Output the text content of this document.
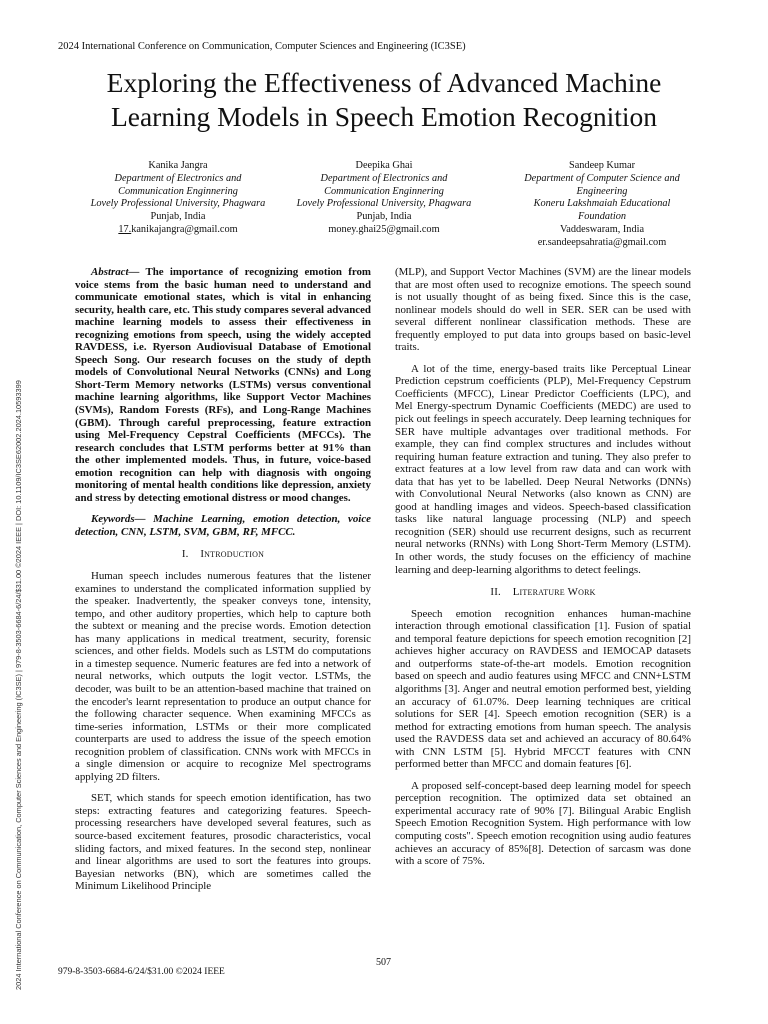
2024 International Conference on Communication, Computer Sciences and Engineering (IC3SE)
Exploring the Effectiveness of Advanced Machine
Learning Models in Speech Emotion Recognition
Kanika Jangra
Department of Electronics and
Communication Enginnering
Lovely Professional University, Phagwara
Punjab, India
17.kanikajangra@gmail.com
Deepika Ghai
Department of Electronics and
Communication Enginnering
Lovely Professional University, Phagwara
Punjab, India
money.ghai25@gmail.com
Sandeep Kumar
Department of Computer Science and
Engineering
Koneru Lakshmaiah Educational
Foundation
Vaddeswaram, India
er.sandeepsahratia@gmail.com
2024 International Conference on Communication, Computer Sciences and Engineering (IC3SE) | 979-8-3503-6684-6/24/$31.00 ©2024 IEEE | DOI: 10.1109/IC3SE62002.2024.10593399

Abstract— The importance of recognizing emotion from voice stems from the basic human need to understand and communicate emotional states, which is vital in enhancing security, health care, etc. This study compares several advanced machine learning models to assess their effectiveness in recognizing emotions from speech, using the widely accepted RAVDESS, i.e. Ryerson Audiovisual Database of Emotional Speech Song. Our research focuses on the study of depth models of Convolutional Neural Networks (CNNs) and Long Short-Term Memory networks (LSTMs) versus conventional machine learning algorithms, like Support Vector Machines (SVMs), Random Forests (RFs), and Long-Range Machines (GBM). Through careful preprocessing, feature extraction using Mel-Frequency Cepstral Coefficients (MFCCs). The research concludes that LSTM performs better at 91% than the other implemented models. Thus, in future, voice-based emotion recognition can help with diagnosis with ongoing monitoring of mental health conditions like depression, anxiety and stress by detecting emotional distress or mood changes.

Keywords— Machine Learning, emotion detection, voice detection, CNN, LSTM, SVM, GBM, RF, MFCC.

I. Introduction

Human speech includes numerous features that the listener examines to understand the complicated information supplied by the speaker. Inadvertently, the speaker conveys tone, intensity, tempo, and other auditory properties, which help to capture both the subtext or meaning and the precise words. Emotion detection has many applications in medical treatment, security, forensic sciences, and other fields. Models such as LSTM do computations in a timestep sequence. Numeric features are fed into a network of neural networks, which outputs the logit vector. LSTMs, the decoder, was built to be an attention-based machine that trained on the encoder's learnt representation to produce an output chance for the following character sequence. When examining MFCCs as time-series information, LSTMs or their more complicated counterparts are used to address the issue of the speech emotion recognition problem of classification. CNNs work with MFCCs in a single dimension or acquire to recognize Mel spectrograms applying 2D filters.

SET, which stands for speech emotion identification, has two steps: extracting features and categorizing features. Speech-processing researchers have developed several features, such as source-based excitement features, prosodic characteristics, vocal sliding factors, and mixed features. In the second step, nonlinear and linear algorithms are used to sort the features into groups. Bayesian networks (BN), which are sometimes called the Minimum Likelihood Principle

(MLP), and Support Vector Machines (SVM) are the linear models that are most often used to recognize emotions. The speech sound is not usually thought of as being fixed. Since this is the case, nonlinear models should do well in SER. SER can be used with several different nonlinear classification methods. These are frequently employed to put data into groups based on basic-level traits.

A lot of the time, energy-based traits like Perceptual Linear Prediction cepstrum coefficients (PLP), Mel-Frequency Cepstrum Coefficients (MFCC), Linear Predictor Coefficients (LPC), and Mel Energy-spectrum Dynamic Coefficients (MEDC) are used to pick out feelings in speech accurately. Deep learning techniques for SER have multiple advantages over traditional methods. For example, they can find complex structures and includes without requiring human feature extraction and tuning. They also prefer to extract features at a low level from raw data and can work with data that has yet to be labelled. Deep Neural Networks (DNNs) with Convolutional Neural Networks (also known as CNN) are good at handling images and videos. Speech-based classification tasks like natural language processing (NLP) and speech recognition (SER) should use recurrent designs, such as recurrent neural networks (RNNs) with Long Short-Term Memory (LSTM). In other words, the study focuses on the efficiency of machine learning and deep-learning algorithms to detect feelings.

II. Literature Work

Speech emotion recognition enhances human-machine interaction through emotional classification [1]. Fusion of spatial and temporal feature depictions for speech emotion recognition [2] achieves higher accuracy on RAVDESS and IEMOCAP datasets and outperforms state-of-the-art models. Emotion recognition based on speech and audio features using MFCC and CNN+LSTM algorithms [3]. Anger and neutral emotion performed best, yielding an accuracy of 61.07%. Deep learning techniques are critical solutions for SER [4]. Speech emotion recognition (SER) is a method for extracting emotions from human speech. The analysis used the RAVDESS data set and achieved an accuracy of 80.64% with CNN LSTM [5]. Hybrid MFCCT features with CNN performed better than MFCC and domain features [6].

A proposed self-concept-based deep learning model for speech perception recognition. The optimized data set obtained an experimental accuracy rate of 90% [7]. Bilingual Arabic English Speech Emotion Recognition System. High performance with low computing costs". Speech emotion recognition using audio features achieves an accuracy of 85%[8]. Detection of sarcasm was done with a score of 75%.

507
979-8-3503-6684-6/24/$31.00 ©2024 IEEE
